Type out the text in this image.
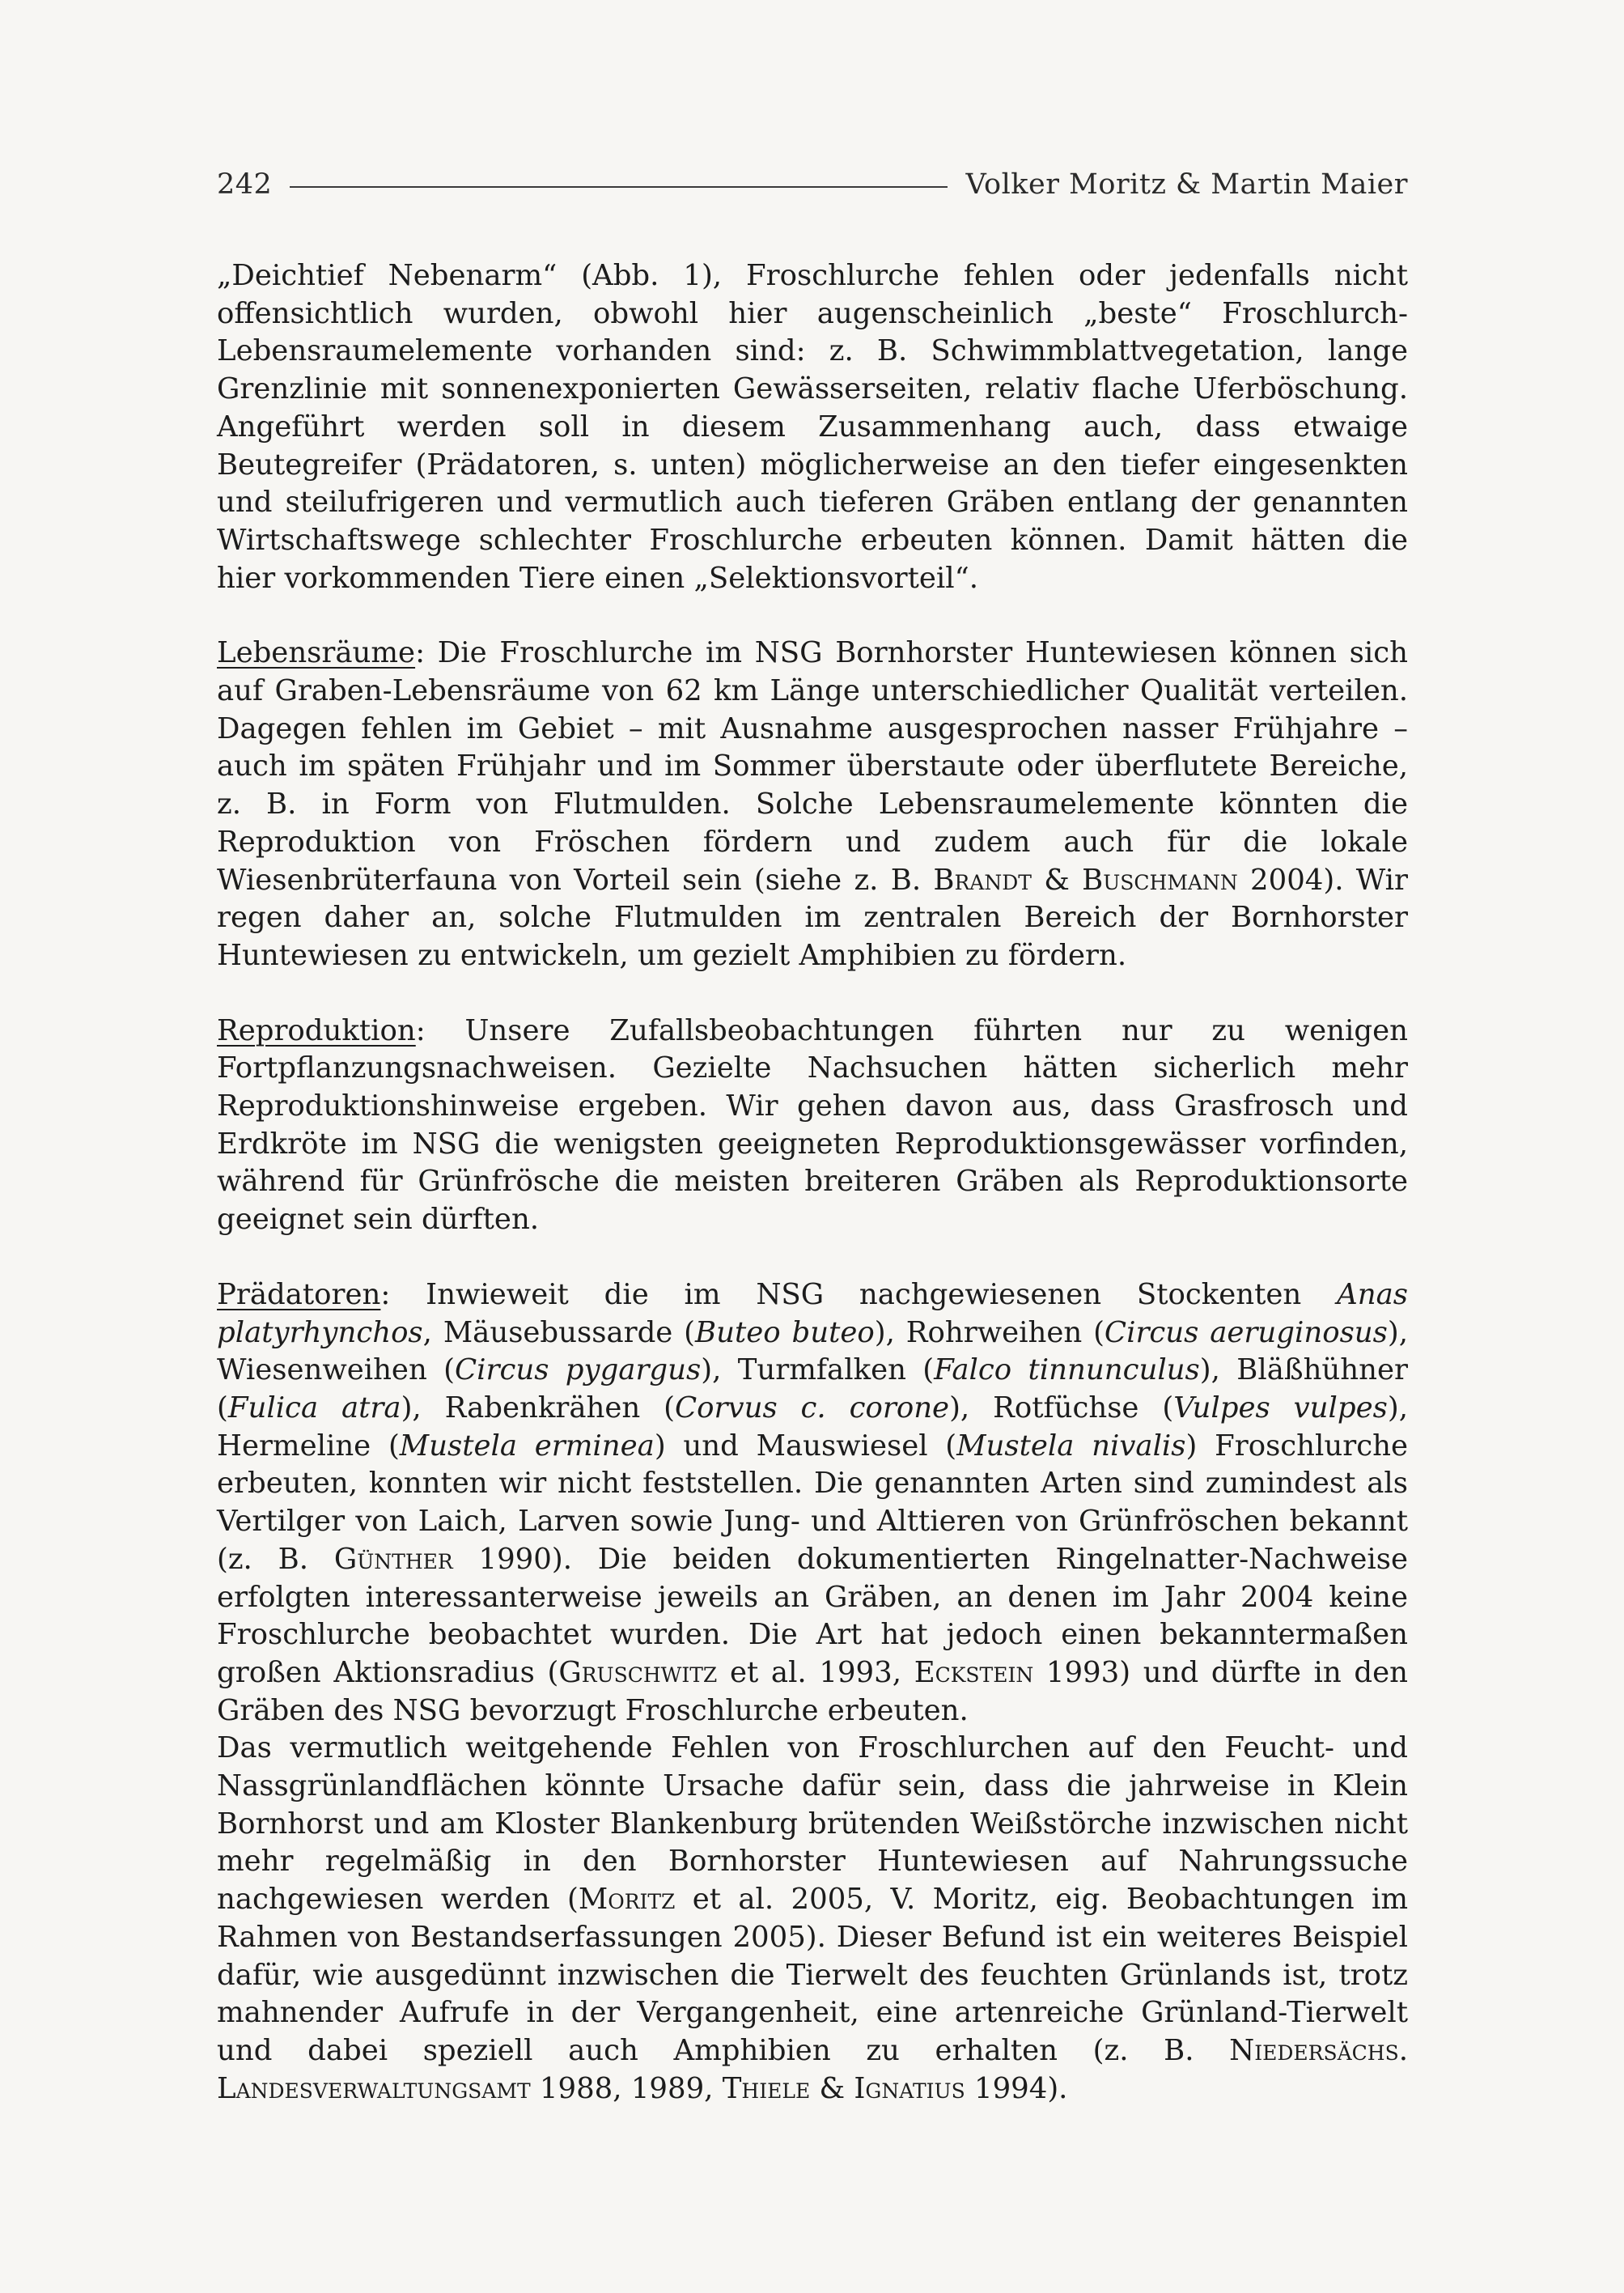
242	Volker Moritz & Martin Maier

„Deichtief Nebenarm“ (Abb. 1), Froschlurche fehlen oder jedenfalls nicht offensichtlich wurden, obwohl hier augenscheinlich „beste“ Froschlurch-Lebensraumelemente vorhanden sind: z. B. Schwimmblattvegetation, lange Grenzlinie mit sonnenexponierten Gewässerseiten, relativ flache Uferböschung. Angeführt werden soll in diesem Zusammenhang auch, dass etwaige Beutegreifer (Prädatoren, s. unten) möglicherweise an den tiefer eingesenkten und steilufrigeren und vermutlich auch tieferen Gräben entlang der genannten Wirtschaftswege schlechter Froschlurche erbeuten können. Damit hätten die hier vorkommenden Tiere einen „Selektionsvorteil“.

Lebensräume: Die Froschlurche im NSG Bornhorster Huntewiesen können sich auf Graben-Lebensräume von 62 km Länge unterschiedlicher Qualität verteilen. Dagegen fehlen im Gebiet – mit Ausnahme ausgesprochen nasser Frühjahre – auch im späten Frühjahr und im Sommer überstaute oder überflutete Bereiche, z. B. in Form von Flutmulden. Solche Lebensraumelemente könnten die Reproduktion von Fröschen fördern und zudem auch für die lokale Wiesenbrüterfauna von Vorteil sein (siehe z. B. Brandt & Buschmann 2004). Wir regen daher an, solche Flutmulden im zentralen Bereich der Bornhorster Huntewiesen zu entwickeln, um gezielt Amphibien zu fördern.

Reproduktion: Unsere Zufallsbeobachtungen führten nur zu wenigen Fortpflanzungsnachweisen. Gezielte Nachsuchen hätten sicherlich mehr Reproduktionshinweise ergeben. Wir gehen davon aus, dass Grasfrosch und Erdkröte im NSG die wenigsten geeigneten Reproduktionsgewässer vorfinden, während für Grünfrösche die meisten breiteren Gräben als Reproduktionsorte geeignet sein dürften.

Prädatoren: Inwieweit die im NSG nachgewiesenen Stockenten Anas platyrhynchos, Mäusebussarde (Buteo buteo), Rohrweihen (Circus aeruginosus), Wiesenweihen (Circus pygargus), Turmfalken (Falco tinnunculus), Bläßhühner (Fulica atra), Rabenkrähen (Corvus c. corone), Rotfüchse (Vulpes vulpes), Hermeline (Mustela erminea) und Mauswiesel (Mustela nivalis) Froschlurche erbeuten, konnten wir nicht feststellen. Die genannten Arten sind zumindest als Vertilger von Laich, Larven sowie Jung- und Alttieren von Grünfröschen bekannt (z. B. Günther 1990). Die beiden dokumentierten Ringelnatter-Nachweise erfolgten interessanterweise jeweils an Gräben, an denen im Jahr 2004 keine Froschlurche beobachtet wurden. Die Art hat jedoch einen bekanntermaßen großen Aktionsradius (Gruschwitz et al. 1993, Eckstein 1993) und dürfte in den Gräben des NSG bevorzugt Froschlurche erbeuten.

Das vermutlich weitgehende Fehlen von Froschlurchen auf den Feucht- und Nassgrünlandflächen könnte Ursache dafür sein, dass die jahrweise in Klein Bornhorst und am Kloster Blankenburg brütenden Weißstörche inzwischen nicht mehr regelmäßig in den Bornhorster Huntewiesen auf Nahrungssuche nachgewiesen werden (Moritz et al. 2005, V. Moritz, eig. Beobachtungen im Rahmen von Bestandserfassungen 2005). Dieser Befund ist ein weiteres Beispiel dafür, wie ausgedünnt inzwischen die Tierwelt des feuchten Grünlands ist, trotz mahnender Aufrufe in der Vergangenheit, eine artenreiche Grünland-Tierwelt und dabei speziell auch Amphibien zu erhalten (z. B. Niedersächs. Landesverwaltungsamt 1988, 1989, Thiele & Ignatius 1994).
